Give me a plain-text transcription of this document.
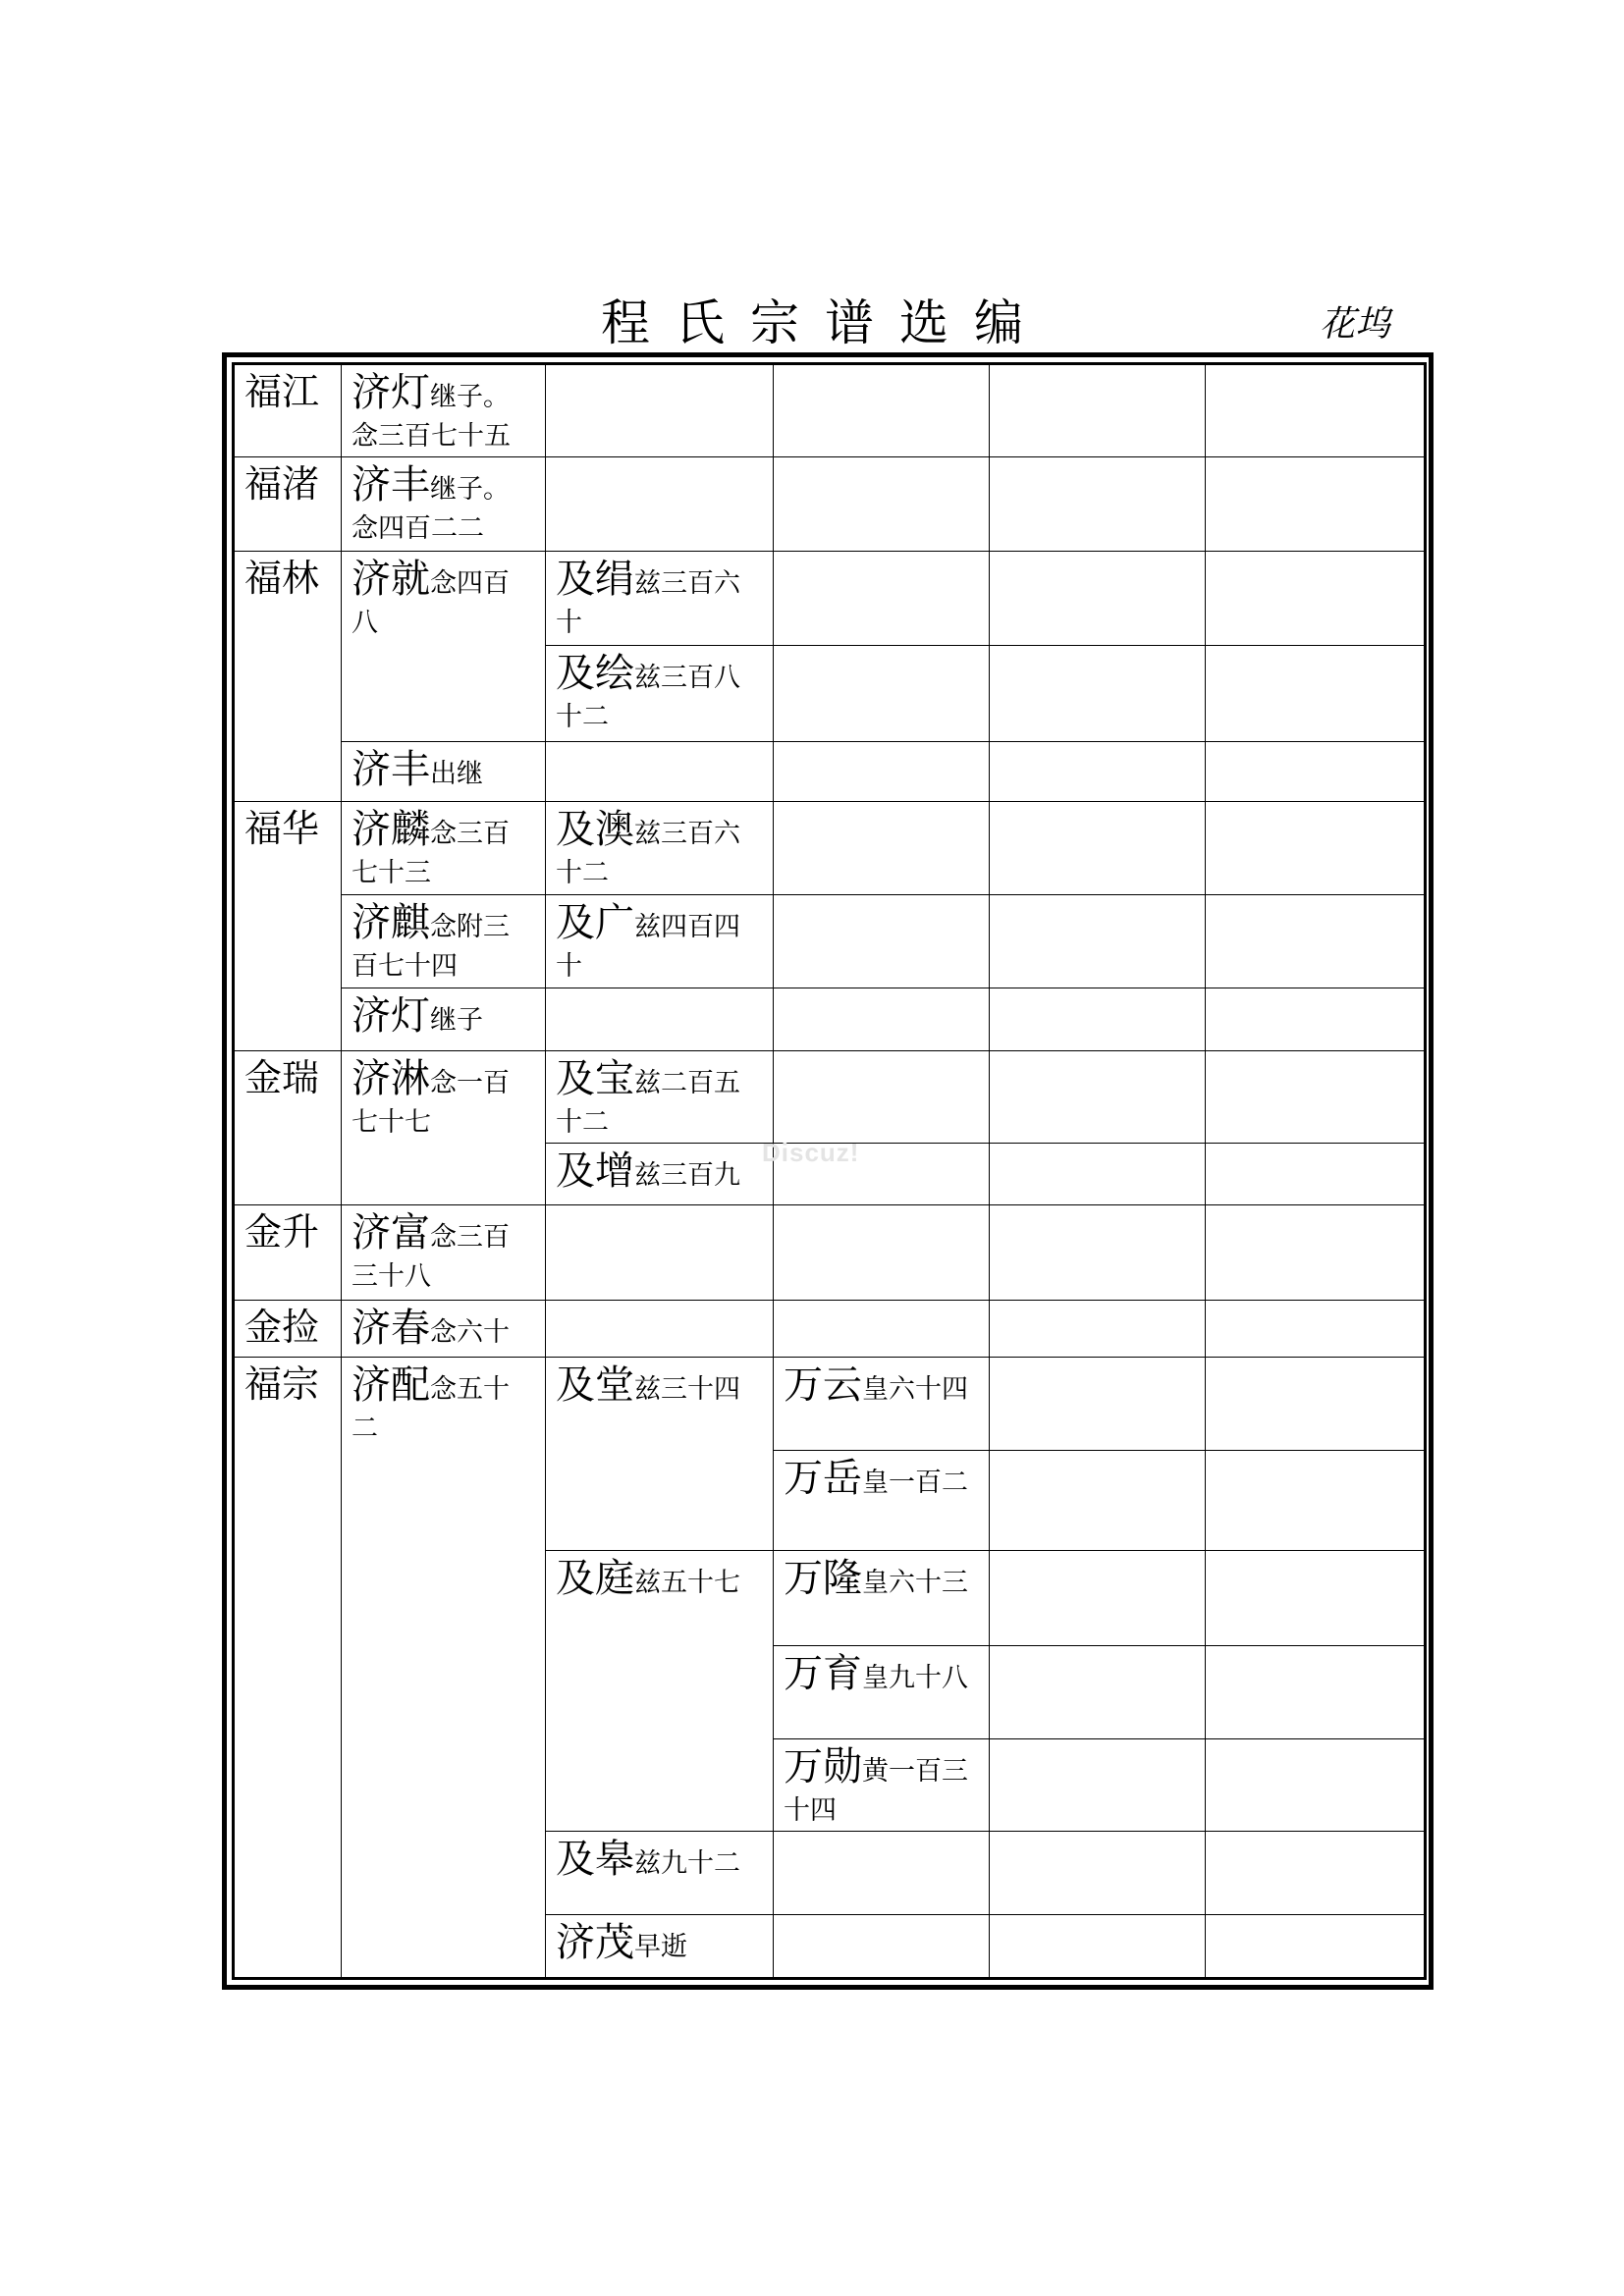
程氏宗谱选编	花坞
福江	济灯继子。念三百七十五					
福渚	济丰继子。念四百二二					
福林	济就念四百八	及绢兹三百六十				
		及绘兹三百八十二				
	济丰出继					
福华	济麟念三百七十三	及澳兹三百六十二				
	济麒念附三百七十四	及广兹四百四十				
	济灯继子					
金瑞	济淋念一百七十七	及宝兹二百五十二				
		及增兹三百九				
金升	济富念三百三十八					
金捡	济春念六十					
福宗	济配念五十二	及堂兹三十四	万云皇六十四			
			万岳皇一百二			
		及庭兹五十七	万隆皇六十三			
			万育皇九十八			
			万勋黄一百三十四			
		及皋兹九十二				
		济茂早逝				
Discuz!
